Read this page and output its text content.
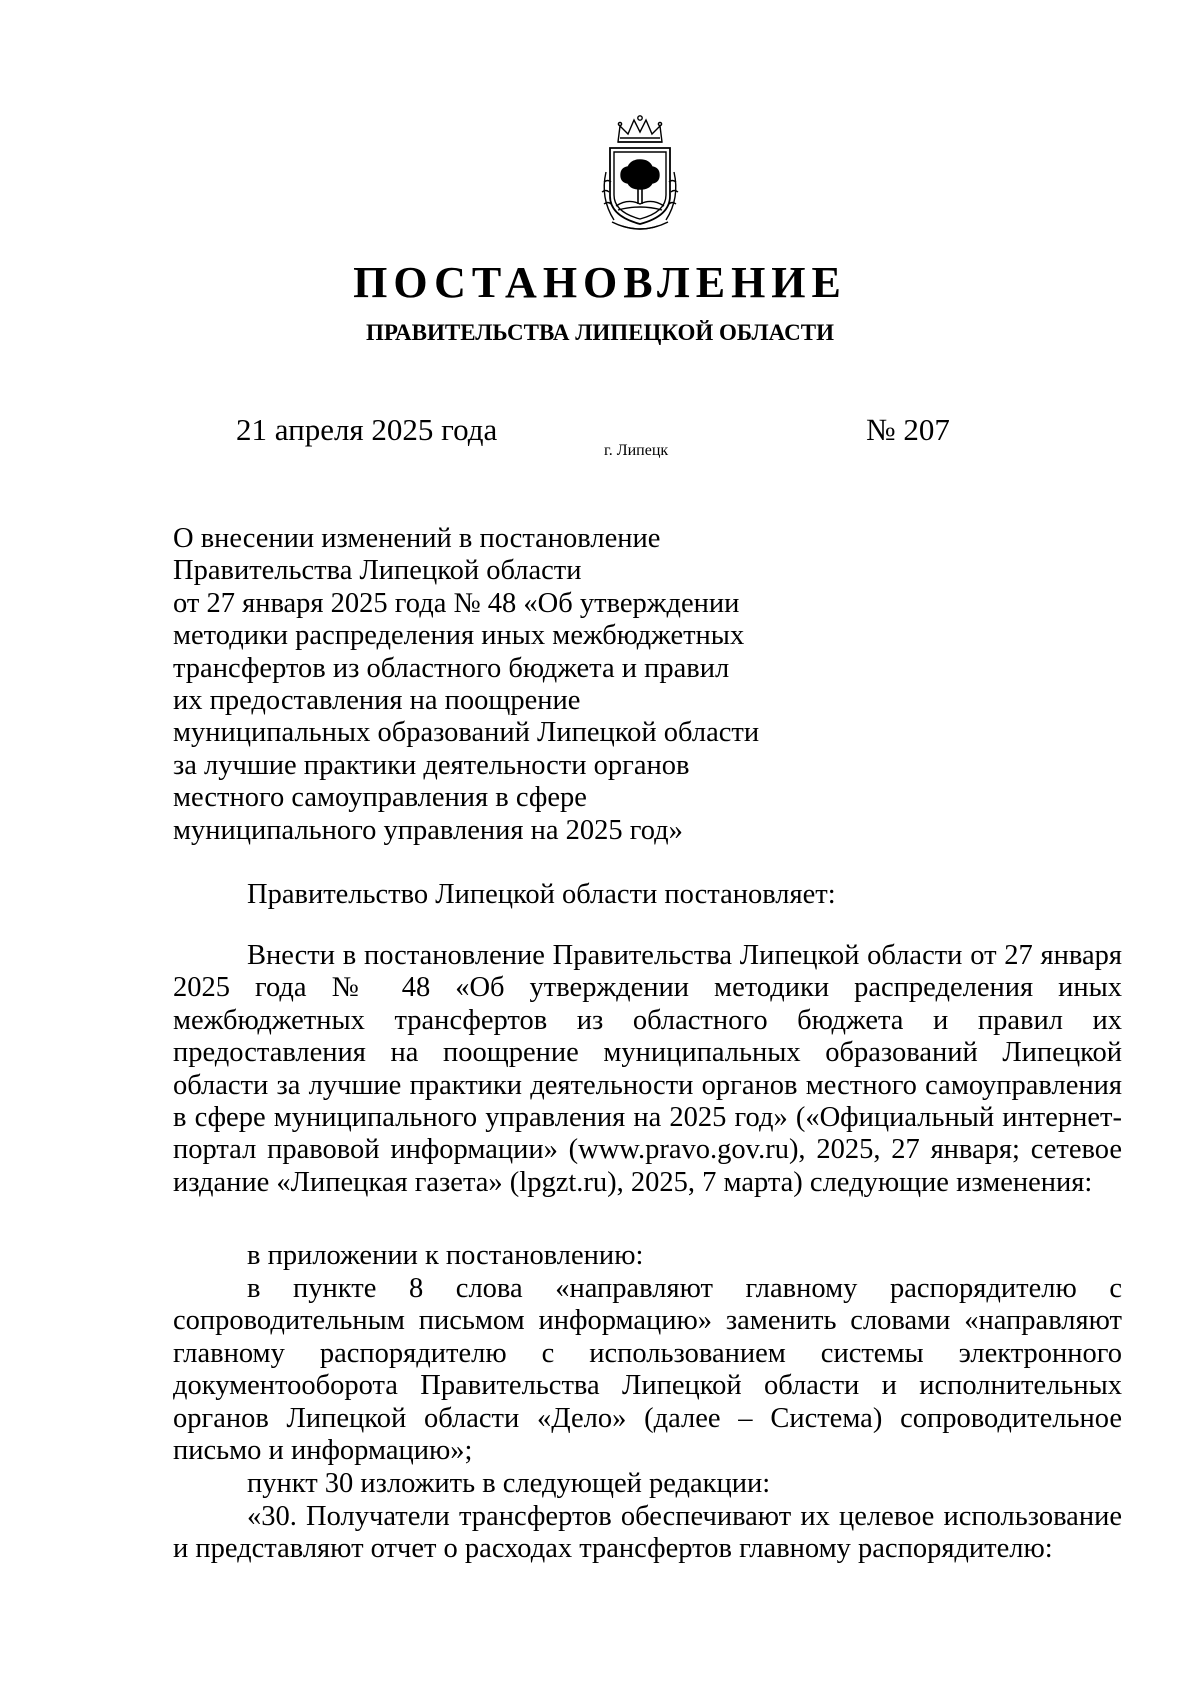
ПОСТАНОВЛЕНИЕ
ПРАВИТЕЛЬСТВА ЛИПЕЦКОЙ ОБЛАСТИ
21 апреля 2025 года
г. Липецк
№ 207
О внесении изменений в постановление
Правительства Липецкой области
от 27 января 2025 года № 48 «Об утверждении
методики распределения иных межбюджетных
трансфертов из областного бюджета и правил
их предоставления на поощрение
муниципальных образований Липецкой области
за лучшие практики деятельности органов
местного самоуправления в сфере
муниципального управления на 2025 год»
Правительство Липецкой области постановляет:
Внести в постановление Правительства Липецкой области от 27 января 2025 года № 48 «Об утверждении методики распределения иных межбюджетных трансфертов из областного бюджета и правил их предоставления на поощрение муниципальных образований Липецкой области за лучшие практики деятельности органов местного самоуправления в сфере муниципального управления на 2025 год» («Официальный интернет-портал правовой информации» (www.pravo.gov.ru), 2025, 27 января; сетевое издание «Липецкая газета» (lpgzt.ru), 2025, 7 марта) следующие изменения:
в приложении к постановлению:
в пункте 8 слова «направляют главному распорядителю с сопроводительным письмом информацию» заменить словами «направляют главному распорядителю с использованием системы электронного документооборота Правительства Липецкой области и исполнительных органов Липецкой области «Дело» (далее – Система) сопроводительное письмо и информацию»;
пункт 30 изложить в следующей редакции:
«30. Получатели трансфертов обеспечивают их целевое использование и представляют отчет о расходах трансфертов главному распорядителю:
